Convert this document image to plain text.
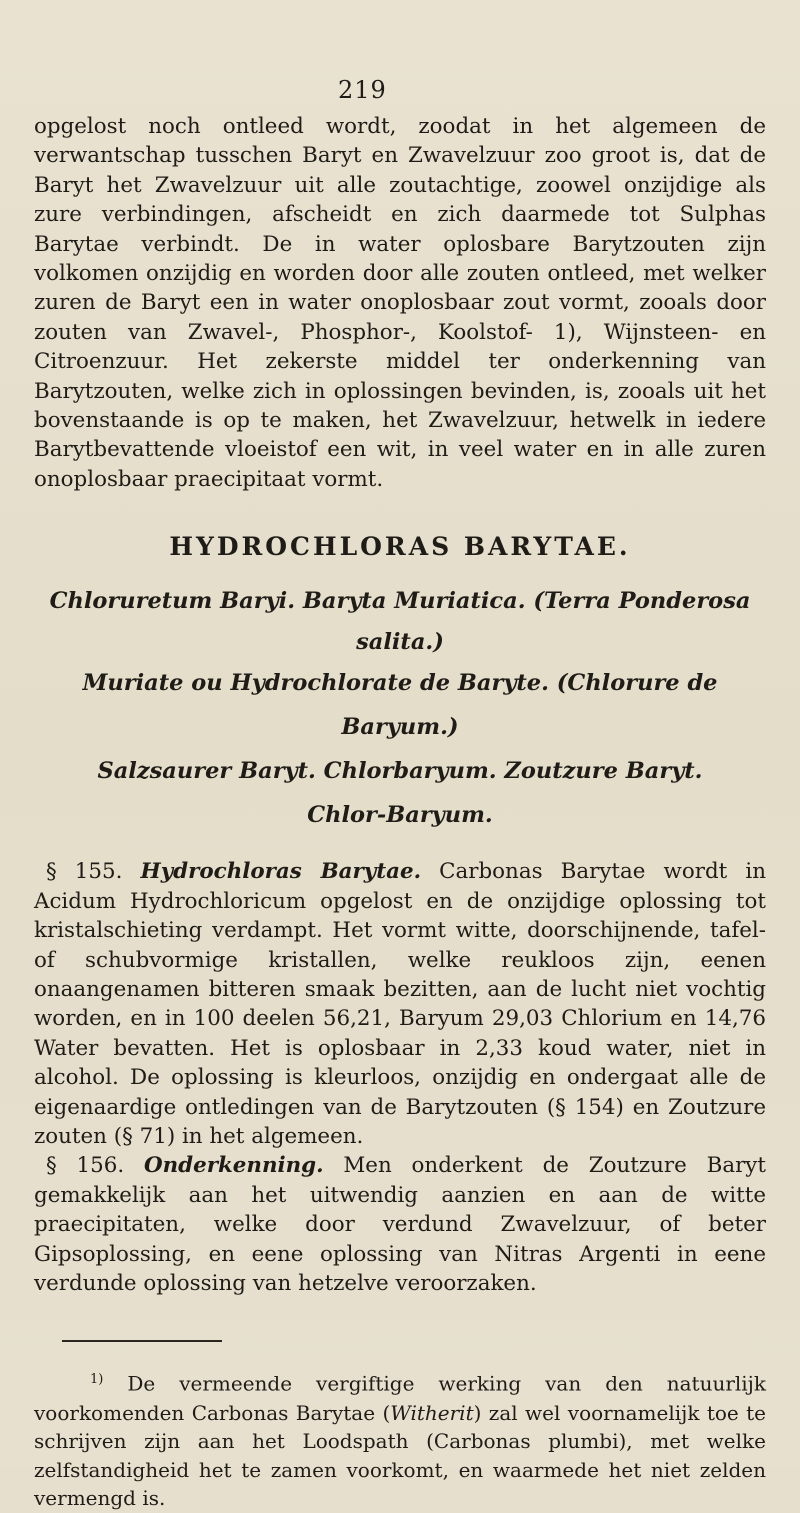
219

opgelost noch ontleed wordt, zoodat in het algemeen de verwantschap tusschen Baryt en Zwavelzuur zoo groot is, dat de Baryt het Zwavelzuur uit alle zoutachtige, zoowel onzijdige als zure verbindingen, afscheidt en zich daarmede tot Sulphas Barytae verbindt. De in water oplosbare Barytzouten zijn volkomen onzijdig en worden door alle zouten ontleed, met welker zuren de Baryt een in water onoplosbaar zout vormt, zooals door zouten van Zwavel-, Phosphor-, Koolstof- 1), Wijnsteen- en Citroenzuur. Het zekerste middel ter onderkenning van Barytzouten, welke zich in oplossingen bevinden, is, zooals uit het bovenstaande is op te maken, het Zwavelzuur, hetwelk in iedere Barytbevattende vloeistof een wit, in veel water en in alle zuren onoplosbaar praecipitaat vormt.

HYDROCHLORAS BARYTAE.

Chloruretum Baryi. Baryta Muriatica. (Terra Ponderosa

salita.)

Muriate ou Hydrochlorate de Baryte. (Chlorure de Baryum.)

Salzsaurer Baryt. Chlorbaryum. Zoutzure Baryt.

Chlor-Baryum.

§ 155. Hydrochloras Barytae. Carbonas Barytae wordt in Acidum Hydrochloricum opgelost en de onzijdige oplossing tot kristalschieting verdampt. Het vormt witte, doorschijnende, tafel- of schubvormige kristallen, welke reukloos zijn, eenen onaangenamen bitteren smaak bezitten, aan de lucht niet vochtig worden, en in 100 deelen 56,21, Baryum 29,03 Chlorium en 14,76 Water bevatten. Het is oplosbaar in 2,33 koud water, niet in alcohol. De oplossing is kleurloos, onzijdig en ondergaat alle de eigenaardige ontledingen van de Barytzouten (§ 154) en Zoutzure zouten (§ 71) in het algemeen.

§ 156. Onderkenning. Men onderkent de Zoutzure Baryt gemakkelijk aan het uitwendig aanzien en aan de witte praecipitaten, welke door verdund Zwavelzuur, of beter Gipsoplossing, en eene oplossing van Nitras Argenti in eene verdunde oplossing van hetzelve veroorzaken.

$^{1)}$ De vermeende vergiftige werking van den natuurlijk voorkomenden Carbonas Barytae (Witherit) zal wel voornamelijk toe te schrijven zijn aan het Loodspath (Carbonas plumbi), met welke zelfstandigheid het te zamen voorkomt, en waarmede het niet zelden vermengd is.
